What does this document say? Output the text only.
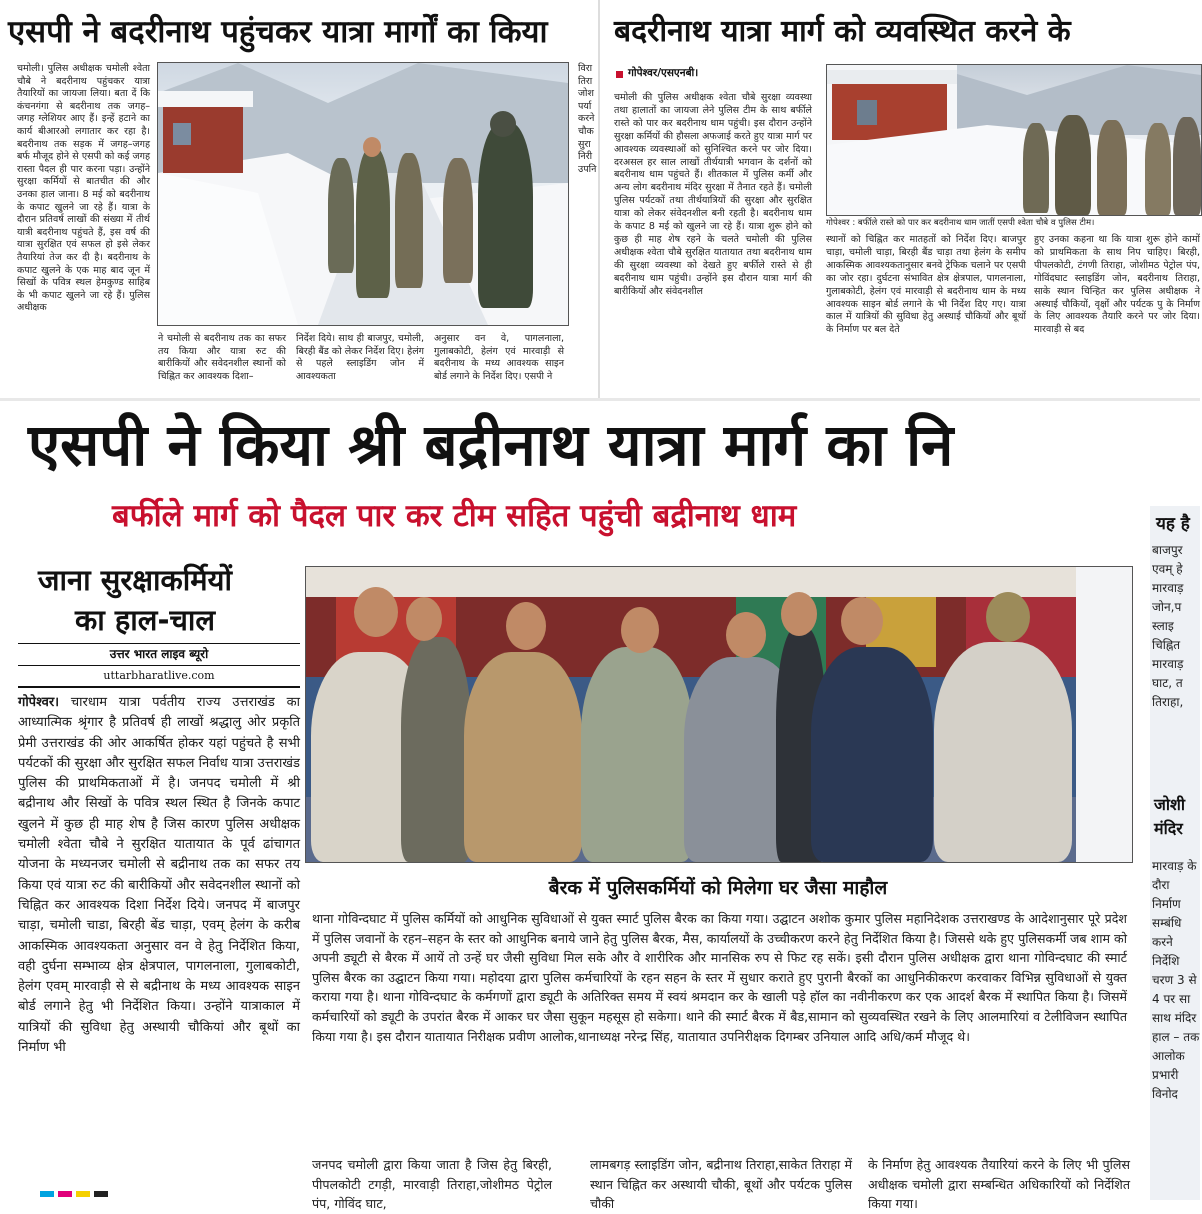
एसपी ने बदरीनाथ पहुंचकर यात्रा मार्गों का किया
चमोली। पुलिस अधीक्षक चमोली श्वेता चौबे ने बदरीनाथ पहुंचकर यात्रा तैयारियों का जायजा लिया। बता दें कि कंचनगंगा से बदरीनाथ तक जगह–जगह ग्लेशियर आए हैं। इन्हें हटाने का कार्य बीआरओ लगातार कर रहा है। बदरीनाथ तक सड़क में जगह–जगह बर्फ मौजूद होने से एसपी को कई जगह रास्ता पैदल ही पार करना पड़ा। उन्होंने सुरक्षा कर्मियों से बातचीत की और उनका हाल जाना। 8 मई को बदरीनाथ के कपाट खुलने जा रहे हैं। यात्रा के दौरान प्रतिवर्ष लाखों की संख्या में तीर्थ यात्री बदरीनाथ पहुंचते हैं, इस वर्ष की यात्रा सुरक्षित एवं सफल हो इसे लेकर तैयारियां तेज कर दी है। बदरीनाथ के कपाट खुलने के एक माह बाद जून में सिखों के पवित्र स्थल हेमकुण्ड साहिब के भी कपाट खुलने जा रहे हैं। पुलिस अधीक्षक
विरा तिरा जोश पर्या करने चौक सुरा निरी उपनि
ने चमोली से बदरीनाथ तक का सफर तय किया और यात्रा रुट की बारीकियों और सवेदनशील स्थानों को चिह्नित कर आवश्यक दिशा–
निर्देश दिये। साथ ही बाजपुर, चमोली, बिरही बैंड को लेकर निर्देश दिए। हेलंग से पहले स्लाइडिंग जोन में आवश्यकता
अनुसार वन वे, पागलनाला, गुलाबकोटी, हेलंग एवं मारवाड़ी से बदरीनाथ के मध्य आवश्यक साइन बोर्ड लगाने के निर्देश दिए। एसपी ने
बदरीनाथ यात्रा मार्ग को व्यवस्थित करने के
गोपेश्वर/एसएनबी।
चमोली की पुलिस अधीक्षक श्वेता चौबे सुरक्षा व्यवस्था तथा हालातों का जायजा लेने पुलिस टीम के साथ बर्फीले रास्ते को पार कर बदरीनाथ धाम पहुंची। इस दौरान उन्होंने सुरक्षा कर्मियों की हौसला अफजाई करते हुए यात्रा मार्ग पर आवश्यक व्यवस्थाओं को सुनिश्चित करने पर जोर दिया। दरअसल हर साल लाखों तीर्थयात्री भगवान के दर्शनों को बदरीनाथ धाम पहुंचते हैं। शीतकाल में पुलिस कर्मी और अन्य लोग बदरीनाथ मंदिर सुरक्षा में तैनात रहते हैं। चमोली पुलिस पर्यटकों तथा तीर्थयात्रियों की सुरक्षा और सुरक्षित यात्रा को लेकर संवेदनशील बनी रहती है। बदरीनाथ धाम के कपाट 8 मई को खुलने जा रहे हैं। यात्रा शुरू होने को कुछ ही माह शेष रहने के चलते चमोली की पुलिस अधीक्षक श्वेता चौबे सुरक्षित यातायात तथा बदरीनाथ धाम की सुरक्षा व्यवस्था को देखते हुए बर्फीले रास्ते से ही बदरीनाथ धाम पहुंची। उन्होंने इस दौरान यात्रा मार्ग की बारीकियों और संवेदनशील
गोपेश्वर : बर्फीले रास्ते को पार कर बदरीनाथ धाम जातीं एसपी श्वेता चौबे व पुलिस टीम।
स्थानों को चिह्नित कर मातहतों को निर्देश दिए। बाजपुर चाड़ा, चमोली चाड़ा, बिरही बैंड चाड़ा तथा हेलंग के समीप आकस्मिक आवश्यकतानुसार बनवे ट्रेफिक चलाने पर एसपी का जोर रहा। दुर्घटना संभावित क्षेत्र क्षेत्रपाल, पागलनाला, गुलाबकोटी, हेलंग एवं मारवाड़ी से बदरीनाथ धाम के मध्य आवश्यक साइन बोर्ड लगाने के भी निर्देश दिए गए। यात्रा काल में यात्रियों की सुविधा हेतु अस्थाई चौकियों और बूथों के निर्माण पर बल देते
हुए उनका कहना था कि यात्रा शुरू होने कामों को प्राथमिकता के साथ निप चाहिए। बिरही, पीपलकोटी, टंगणी तिराहा, जोशीमठ पेट्रोल पंप, गोविंदघाट स्लाइडिंग जोन, बदरीनाथ तिराहा, साके स्थान चिन्हित कर पुलिस अधीक्षक ने अस्थाई चौकियों, वृक्षों और पर्यटक पु के निर्माण के लिए आवश्यक तैयारि करने पर जोर दिया। मारवाड़ी से बद
एसपी ने किया श्री बद्रीनाथ यात्रा मार्ग का नि
बर्फीले मार्ग को पैदल पार कर टीम सहित पहुंची बद्रीनाथ धाम
जाना सुरक्षाकर्मियों
का हाल-चाल
उत्तर भारत लाइव ब्यूरो
uttarbharatlive.com
गोपेश्वर। चारधाम यात्रा पर्वतीय राज्य उत्तराखंड का आध्यात्मिक श्रृंगार है प्रतिवर्ष ही लाखों श्रद्धालु ओर प्रकृति प्रेमी उत्तराखंड की ओर आकर्षित होकर यहां पहुंचते है सभी पर्यटकों की सुरक्षा और सुरक्षित सफल निर्वाध यात्रा उत्तराखंड पुलिस की प्राथमिकताओं में है। जनपद चमोली में श्री बद्रीनाथ और सिखों के पवित्र स्थल स्थित है जिनके कपाट खुलने में कुछ ही माह शेष है जिस कारण पुलिस अधीक्षक चमोली श्वेता चौबे ने सुरक्षित यातायात के पूर्व ढांचागत योजना के मध्यनजर चमोली से बद्रीनाथ तक का सफर तय किया एवं यात्रा रुट की बारीकियों और सवेदनशील स्थानों को चिह्नित कर आवश्यक दिशा निर्देश दिये। जनपद में बाजपुर चाड़ा, चमोली चाडा, बिरही बेंड चाड़ा, एवम् हेलंग के करीब आकस्मिक आवश्यकता अनुसार वन वे हेतु निर्देशित किया, वही दुर्घना सम्भाव्य क्षेत्र क्षेत्रपाल, पागलनाला, गुलाबकोटी, हेलंग एवम् मारवाड़ी से से बद्रीनाथ के मध्य आवश्यक साइन बोर्ड लगाने हेतु भी निर्देशित किया। उन्होंने यात्राकाल में यात्रियों की सुविधा हेतु अस्थायी चौकियां और बूथों का निर्माण भी
बैरक में पुलिसकर्मियों को मिलेगा घर जैसा माहौल
थाना गोविन्दघाट में पुलिस कर्मियों को आधुनिक सुविधाओं से युक्त स्मार्ट पुलिस बैरक का किया गया। उद्घाटन अशोक कुमार पुलिस महानिदेशक उत्तराखण्ड के आदेशानुसार पूरे प्रदेश में पुलिस जवानों के रहन–सहन के स्तर को आधुनिक बनाये जाने हेतु पुलिस बैरक, मैस, कार्यालयों के उच्चीकरण करने हेतु निर्देशित किया है। जिससे थके हुए पुलिसकर्मी जब शाम को अपनी ड्यूटी से बैरक में आयें तो उन्हें घर जैसी सुविधा मिल सके और वे शारीरिक और मानसिक रुप से फिट रह सकें। इसी दौरान पुलिस अधीक्षक द्वारा थाना गोविन्दघाट की स्मार्ट पुलिस बैरक का उद्घाटन किया गया। महोदया द्वारा पुलिस कर्मचारियों के रहन सहन के स्तर में सुधार कराते हुए पुरानी बैरकों का आधुनिकीकरण करवाकर विभिन्न सुविधाओं से युक्त कराया गया है। थाना गोविन्दघाट के कर्मगणों द्वारा ड्यूटी के अतिरिक्त समय में स्वयं श्रमदान कर के खाली पड़े हॉल का नवीनीकरण कर एक आदर्श बैरक में स्थापित किया है। जिसमें कर्मचारियों को ड्यूटी के उपरांत बैरक में आकर घर जैसा सुकून महसूस हो सकेगा। थाने की स्मार्ट बैरक में बैड,सामान को सुव्यवस्थित रखने के लिए आलमारियां व टेलीविजन स्थापित किया गया है। इस दौरान यातायात निरीक्षक प्रवीण आलोक,थानाध्यक्ष नरेन्द्र सिंह, यातायात उपनिरीक्षक दिगम्बर उनियाल आदि अधि/कर्म मौजूद थे।
जनपद चमोली द्वारा किया जाता है जिस हेतु बिरही, पीपलकोटी टगड़ी, मारवाड़ी तिराहा,जोशीमठ पेट्रोल पंप, गोविंद घाट,
लामबगड़ स्लाइडिंग जोन, बद्रीनाथ तिराहा,साकेत तिराहा में स्थान चिह्नित कर अस्थायी चौकी, बूथों और पर्यटक पुलिस चौकी
के निर्माण हेतु आवश्यक तैयारियां करने के लिए भी पुलिस अधीक्षक चमोली द्वारा सम्बन्धित अधिकारियों को निर्देशित किया गया।
यह है
बाजपुर एवम् हे मारवाड़ जोन,प स्लाइ चिह्नित मारवाड़ घाट, त तिराहा,
जोशी मंदिर
मारवाड़ के दौरा निर्माण सम्बंधि करने निर्देशि चरण 3 से 4 पर सा साथ मंदिर हाल – तक आलोक प्रभारी विनोद
